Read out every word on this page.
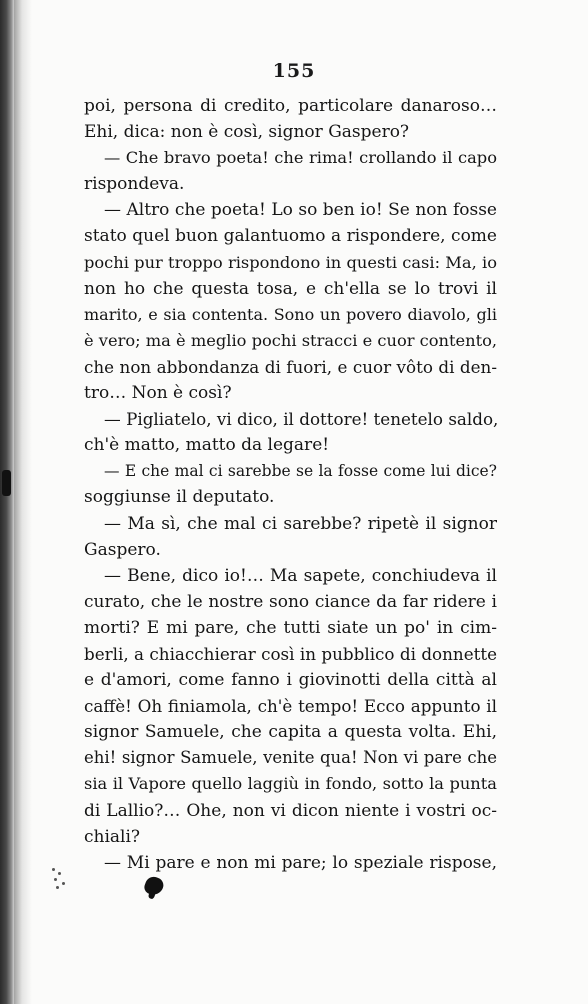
155
poi, persona di credito, particolare danaroso…
Ehi, dica: non è così, signor Gaspero?
— Che bravo poeta! che rima! crollando il capo
rispondeva.
— Altro che poeta! Lo so ben io! Se non fosse
stato quel buon galantuomo a rispondere, come
pochi pur troppo rispondono in questi casi: Ma, io
non ho che questa tosa, e ch'ella se lo trovi il
marito, e sia contenta. Sono un povero diavolo, gli
è vero; ma è meglio pochi stracci e cuor contento,
che non abbondanza di fuori, e cuor vôto di den-
tro… Non è così?
— Pigliatelo, vi dico, il dottore! tenetelo saldo,
ch'è matto, matto da legare!
— E che mal ci sarebbe se la fosse come lui dice?
soggiunse il deputato.
— Ma sì, che mal ci sarebbe? ripetè il signor
Gaspero.
— Bene, dico io!… Ma sapete, conchiudeva il
curato, che le nostre sono ciance da far ridere i
morti? E mi pare, che tutti siate un po' in cim-
berli, a chiacchierar così in pubblico di donnette
e d'amori, come fanno i giovinotti della città al
caffè! Oh finiamola, ch'è tempo! Ecco appunto il
signor Samuele, che capita a questa volta. Ehi,
ehi! signor Samuele, venite qua! Non vi pare che
sia il Vapore quello laggiù in fondo, sotto la punta
di Lallio?… Ohe, non vi dicon niente i vostri oc-
chiali?
— Mi pare e non mi pare; lo speziale rispose,
